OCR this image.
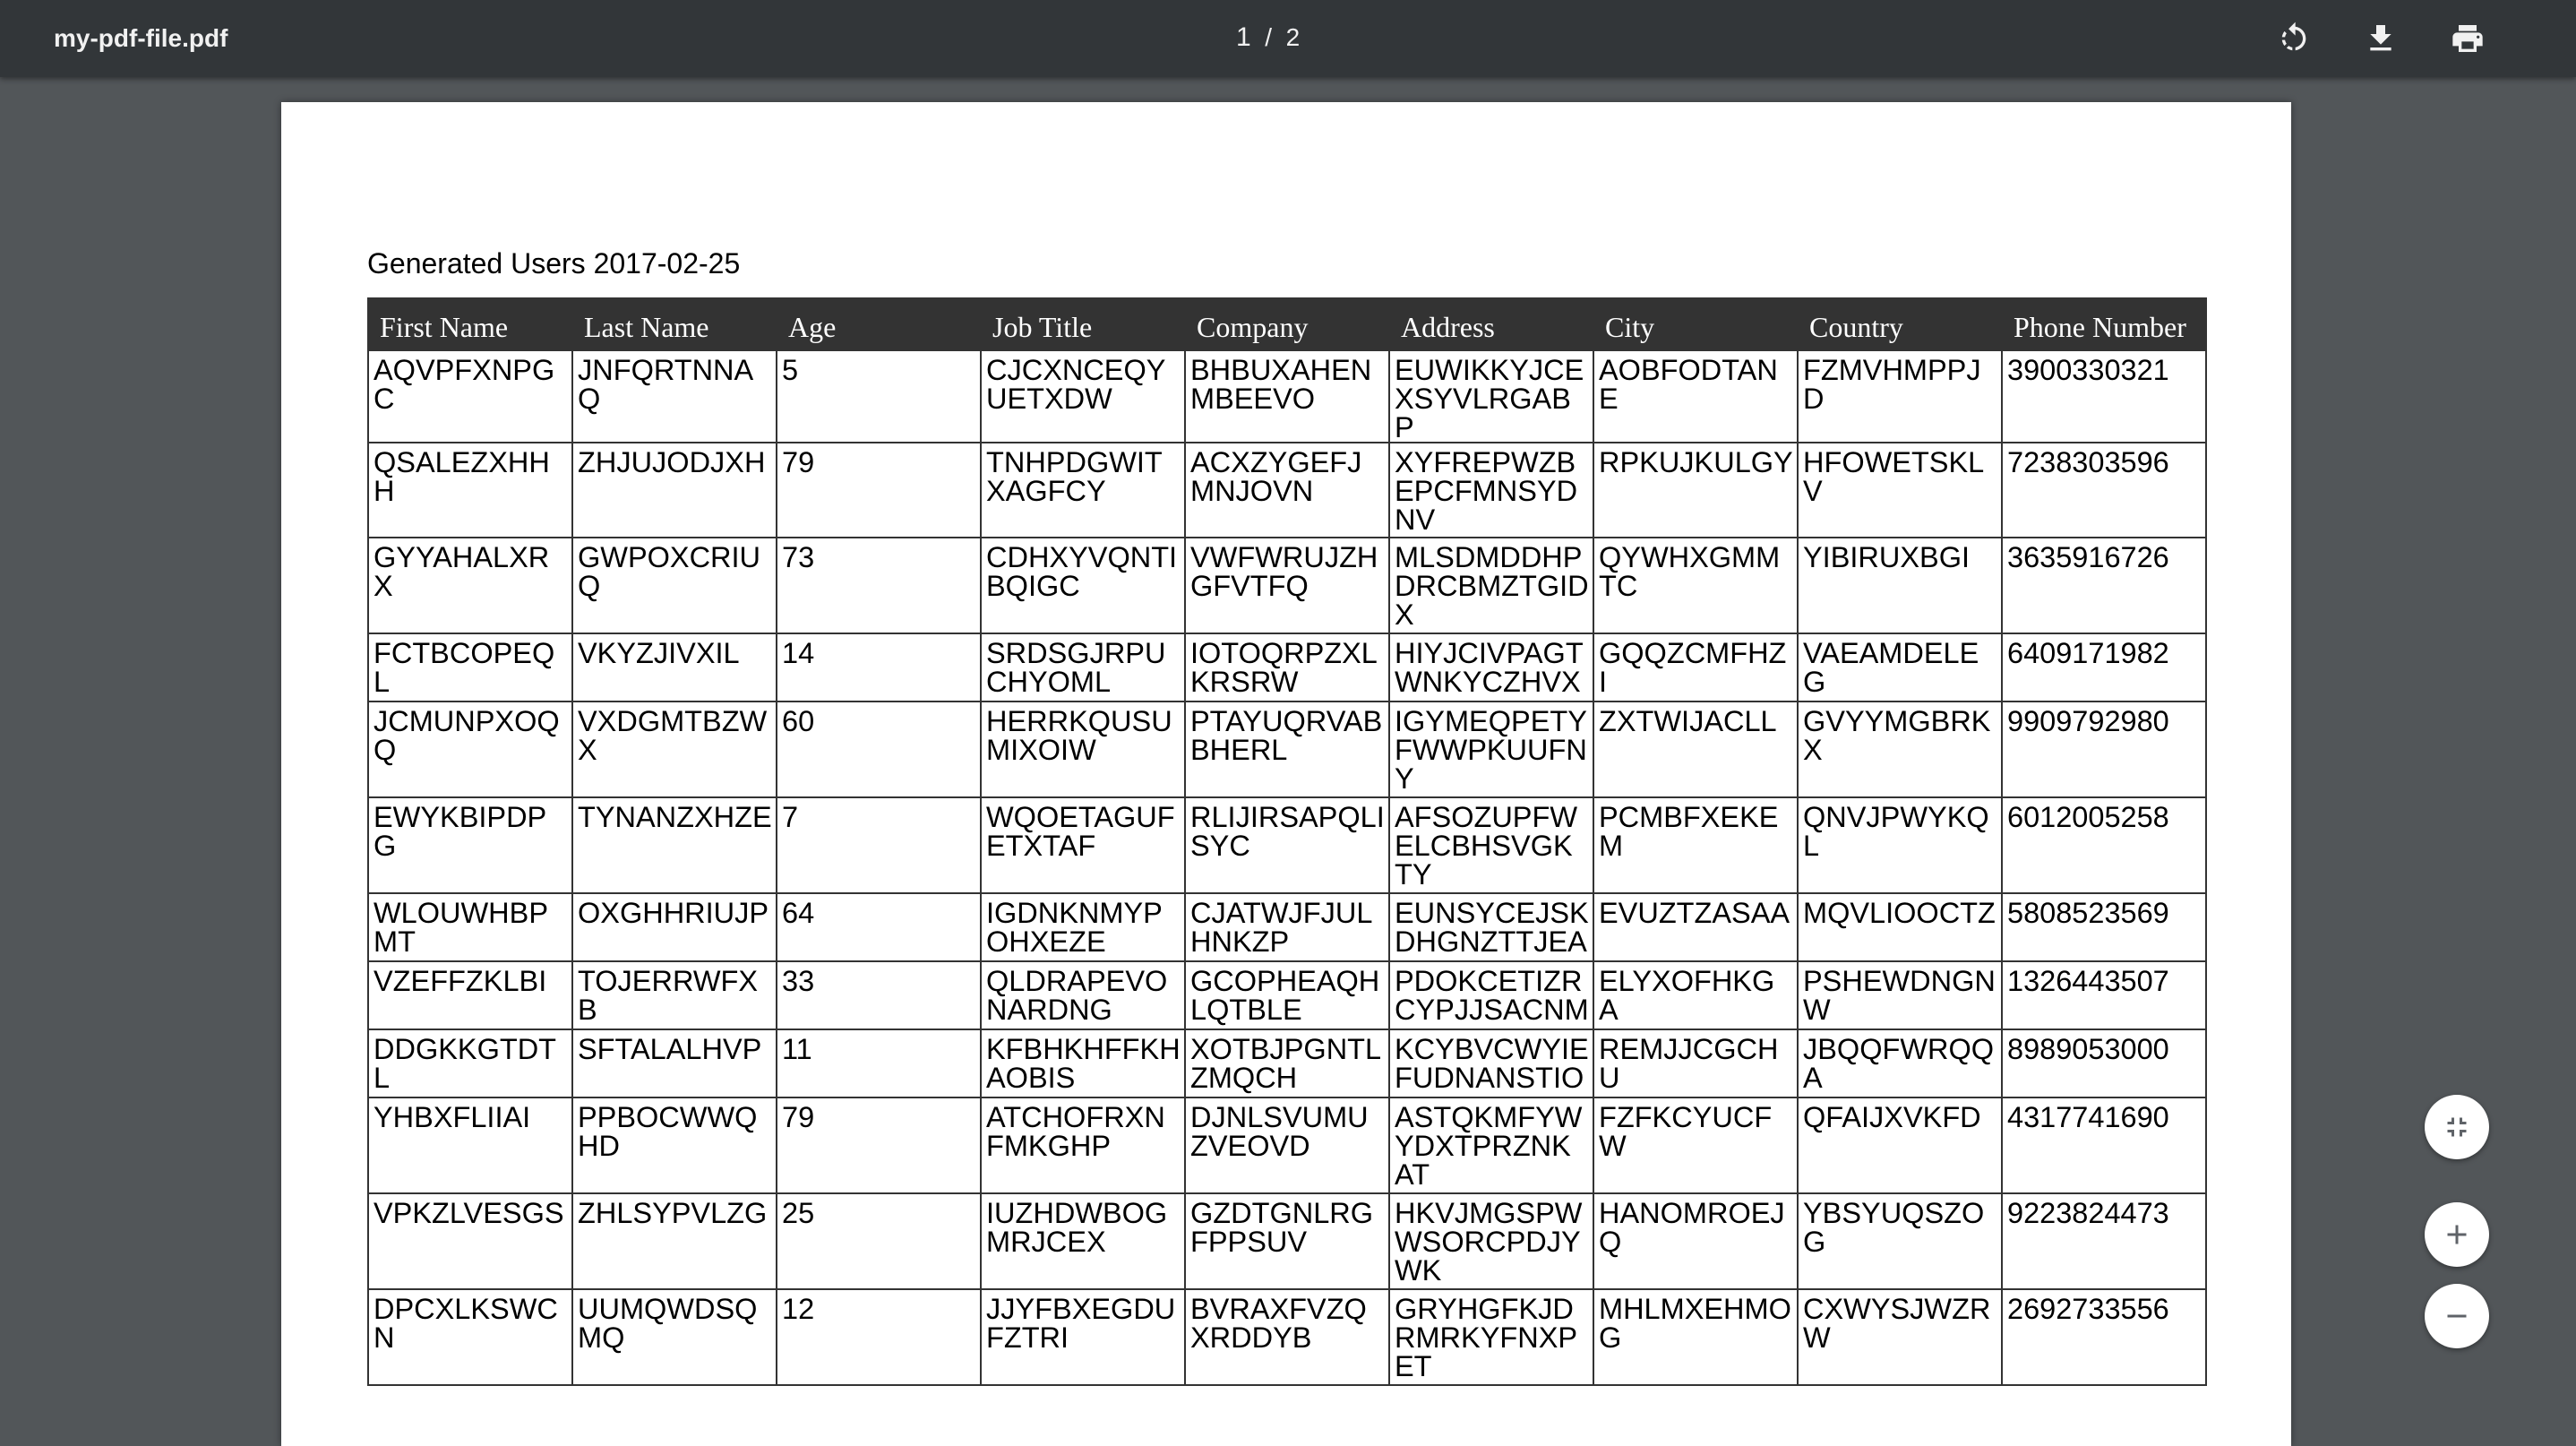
my-pdf-file.pdf	1 / 2
Generated Users 2017-02-25
First Name	Last Name	Age	Job Title	Company	Address	City	Country	Phone Number
AQVPFXNPGC	JNFQRTNNAQ	5	CJCXNCEQYUETXDW	BHBUXAHENMBEEVO	EUWIKKYJCEXSYVLRGABP	AOBFODTANE	FZMVHMPPJD	3900330321
QSALEZXHHH	ZHJUJODJXH	79	TNHPDGWITXAGFCY	ACXZYGEFJMNJOVN	XYFREPWZBEPCFMNSYDNV	RPKUJKULGY	HFOWETSKLV	7238303596
GYYAHALXRX	GWPOXCRIUQ	73	CDHXYVQNTIBQIGC	VWFWRUJZHGFVTFQ	MLSDMDDHPDRCBMZTGIDX	QYWHXGMMTC	YIBIRUXBGI	3635916726
FCTBCOPEQL	VKYZJIVXIL	14	SRDSGJRPUCHYOML	IOTOQRPZXLKRSRW	HIYJCIVPAGTWNKYCZHVX	GQQZCMFHZI	VAEAMDELEG	6409171982
JCMUNPXOQQ	VXDGMTBZWX	60	HERRKQUSUMIXOIW	PTAYUQRVABBHERL	IGYMEQPETYFWWPKUUFNY	ZXTWIJACLL	GVYYMGBRKX	9909792980
EWYKBIPDPG	TYNANZXHZE	7	WQOETAGUFETXTAF	RLIJIRSAPQLISYC	AFSOZUPFWELCBHSVGKTY	PCMBFXEKEM	QNVJPWYKQL	6012005258
WLOUWHBPMT	OXGHHRIUJP	64	IGDNKNMYPOHXEZE	CJATWJFJULHNKZP	EUNSYCEJSKDHGNZTTJEA	EVUZTZASAA	MQVLIOOCTZ	5808523569
VZEFFZKLBI	TOJERRWFXB	33	QLDRAPEVONARDNG	GCOPHEAQHLQTBLE	PDOKCETIZRCYPJJSACNM	ELYXOFHKGA	PSHEWDNGNW	1326443507
DDGKKGTDTL	SFTALALHVP	11	KFBHKHFFKHAOBIS	XOTBJPGNTLZMQCH	KCYBVCWYIEFUDNANSTIO	REMJJCGCHU	JBQQFWRQQA	8989053000
YHBXFLIIAI	PPBOCWWQHD	79	ATCHOFRXNFMKGHP	DJNLSVUMUZVEOVD	ASTQKMFYWYDXTPRZNKAT	FZFKCYUCFW	QFAIJXVKFD	4317741690
VPKZLVESGS	ZHLSYPVLZG	25	IUZHDWBOGMRJCEX	GZDTGNLRGFPPSUV	HKVJMGSPWWSORCPDJYWK	HANOMROEJQ	YBSYUQSZOG	9223824473
DPCXLKSWCN	UUMQWDSQMQ	12	JJYFBXEGDUFZTRI	BVRAXFVZQXRDDYB	GRYHGFKJDRMRKYFNXPET	MHLMXEHMOG	CXWYSJWZRW	2692733556
